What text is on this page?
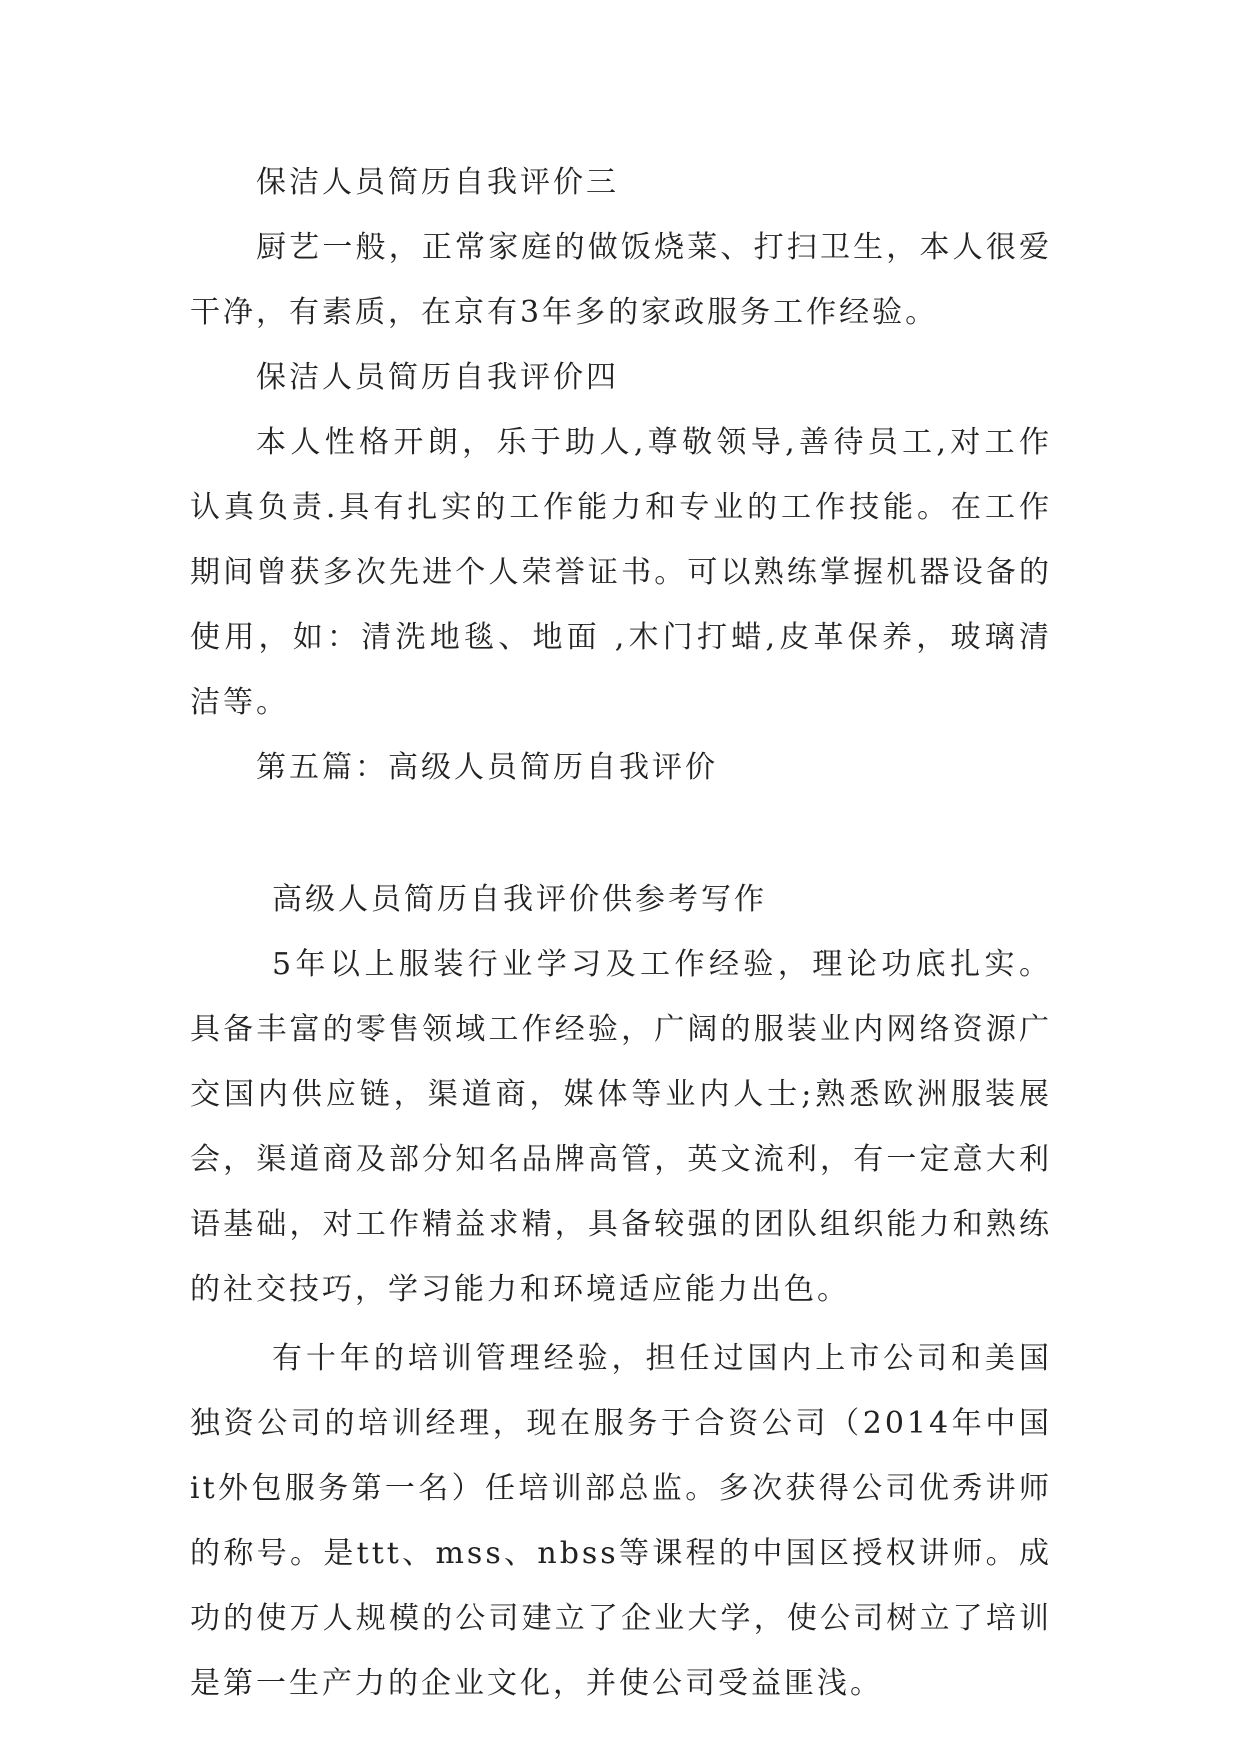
保洁人员简历自我评价三

厨艺一般，正常家庭的做饭烧菜、打扫卫生，本人很爱干净，有素质，在京有3年多的家政服务工作经验。

保洁人员简历自我评价四

本人性格开朗，乐于助人,尊敬领导,善待员工,对工作认真负责.具有扎实的工作能力和专业的工作技能。在工作期间曾获多次先进个人荣誉证书。可以熟练掌握机器设备的使用，如：清洗地毯、地面 ,木门打蜡,皮革保养，玻璃清洁等。

第五篇：高级人员简历自我评价

高级人员简历自我评价供参考写作

5年以上服装行业学习及工作经验，理论功底扎实。具备丰富的零售领域工作经验，广阔的服装业内网络资源广交国内供应链，渠道商，媒体等业内人士;熟悉欧洲服装展会，渠道商及部分知名品牌高管，英文流利，有一定意大利语基础，对工作精益求精，具备较强的团队组织能力和熟练的社交技巧，学习能力和环境适应能力出色。

有十年的培训管理经验，担任过国内上市公司和美国独资公司的培训经理，现在服务于合资公司（2014年中国it外包服务第一名）任培训部总监。多次获得公司优秀讲师的称号。是ttt、mss、nbss等课程的中国区授权讲师。成功的使万人规模的公司建立了企业大学，使公司树立了培训是第一生产力的企业文化，并使公司受益匪浅。
